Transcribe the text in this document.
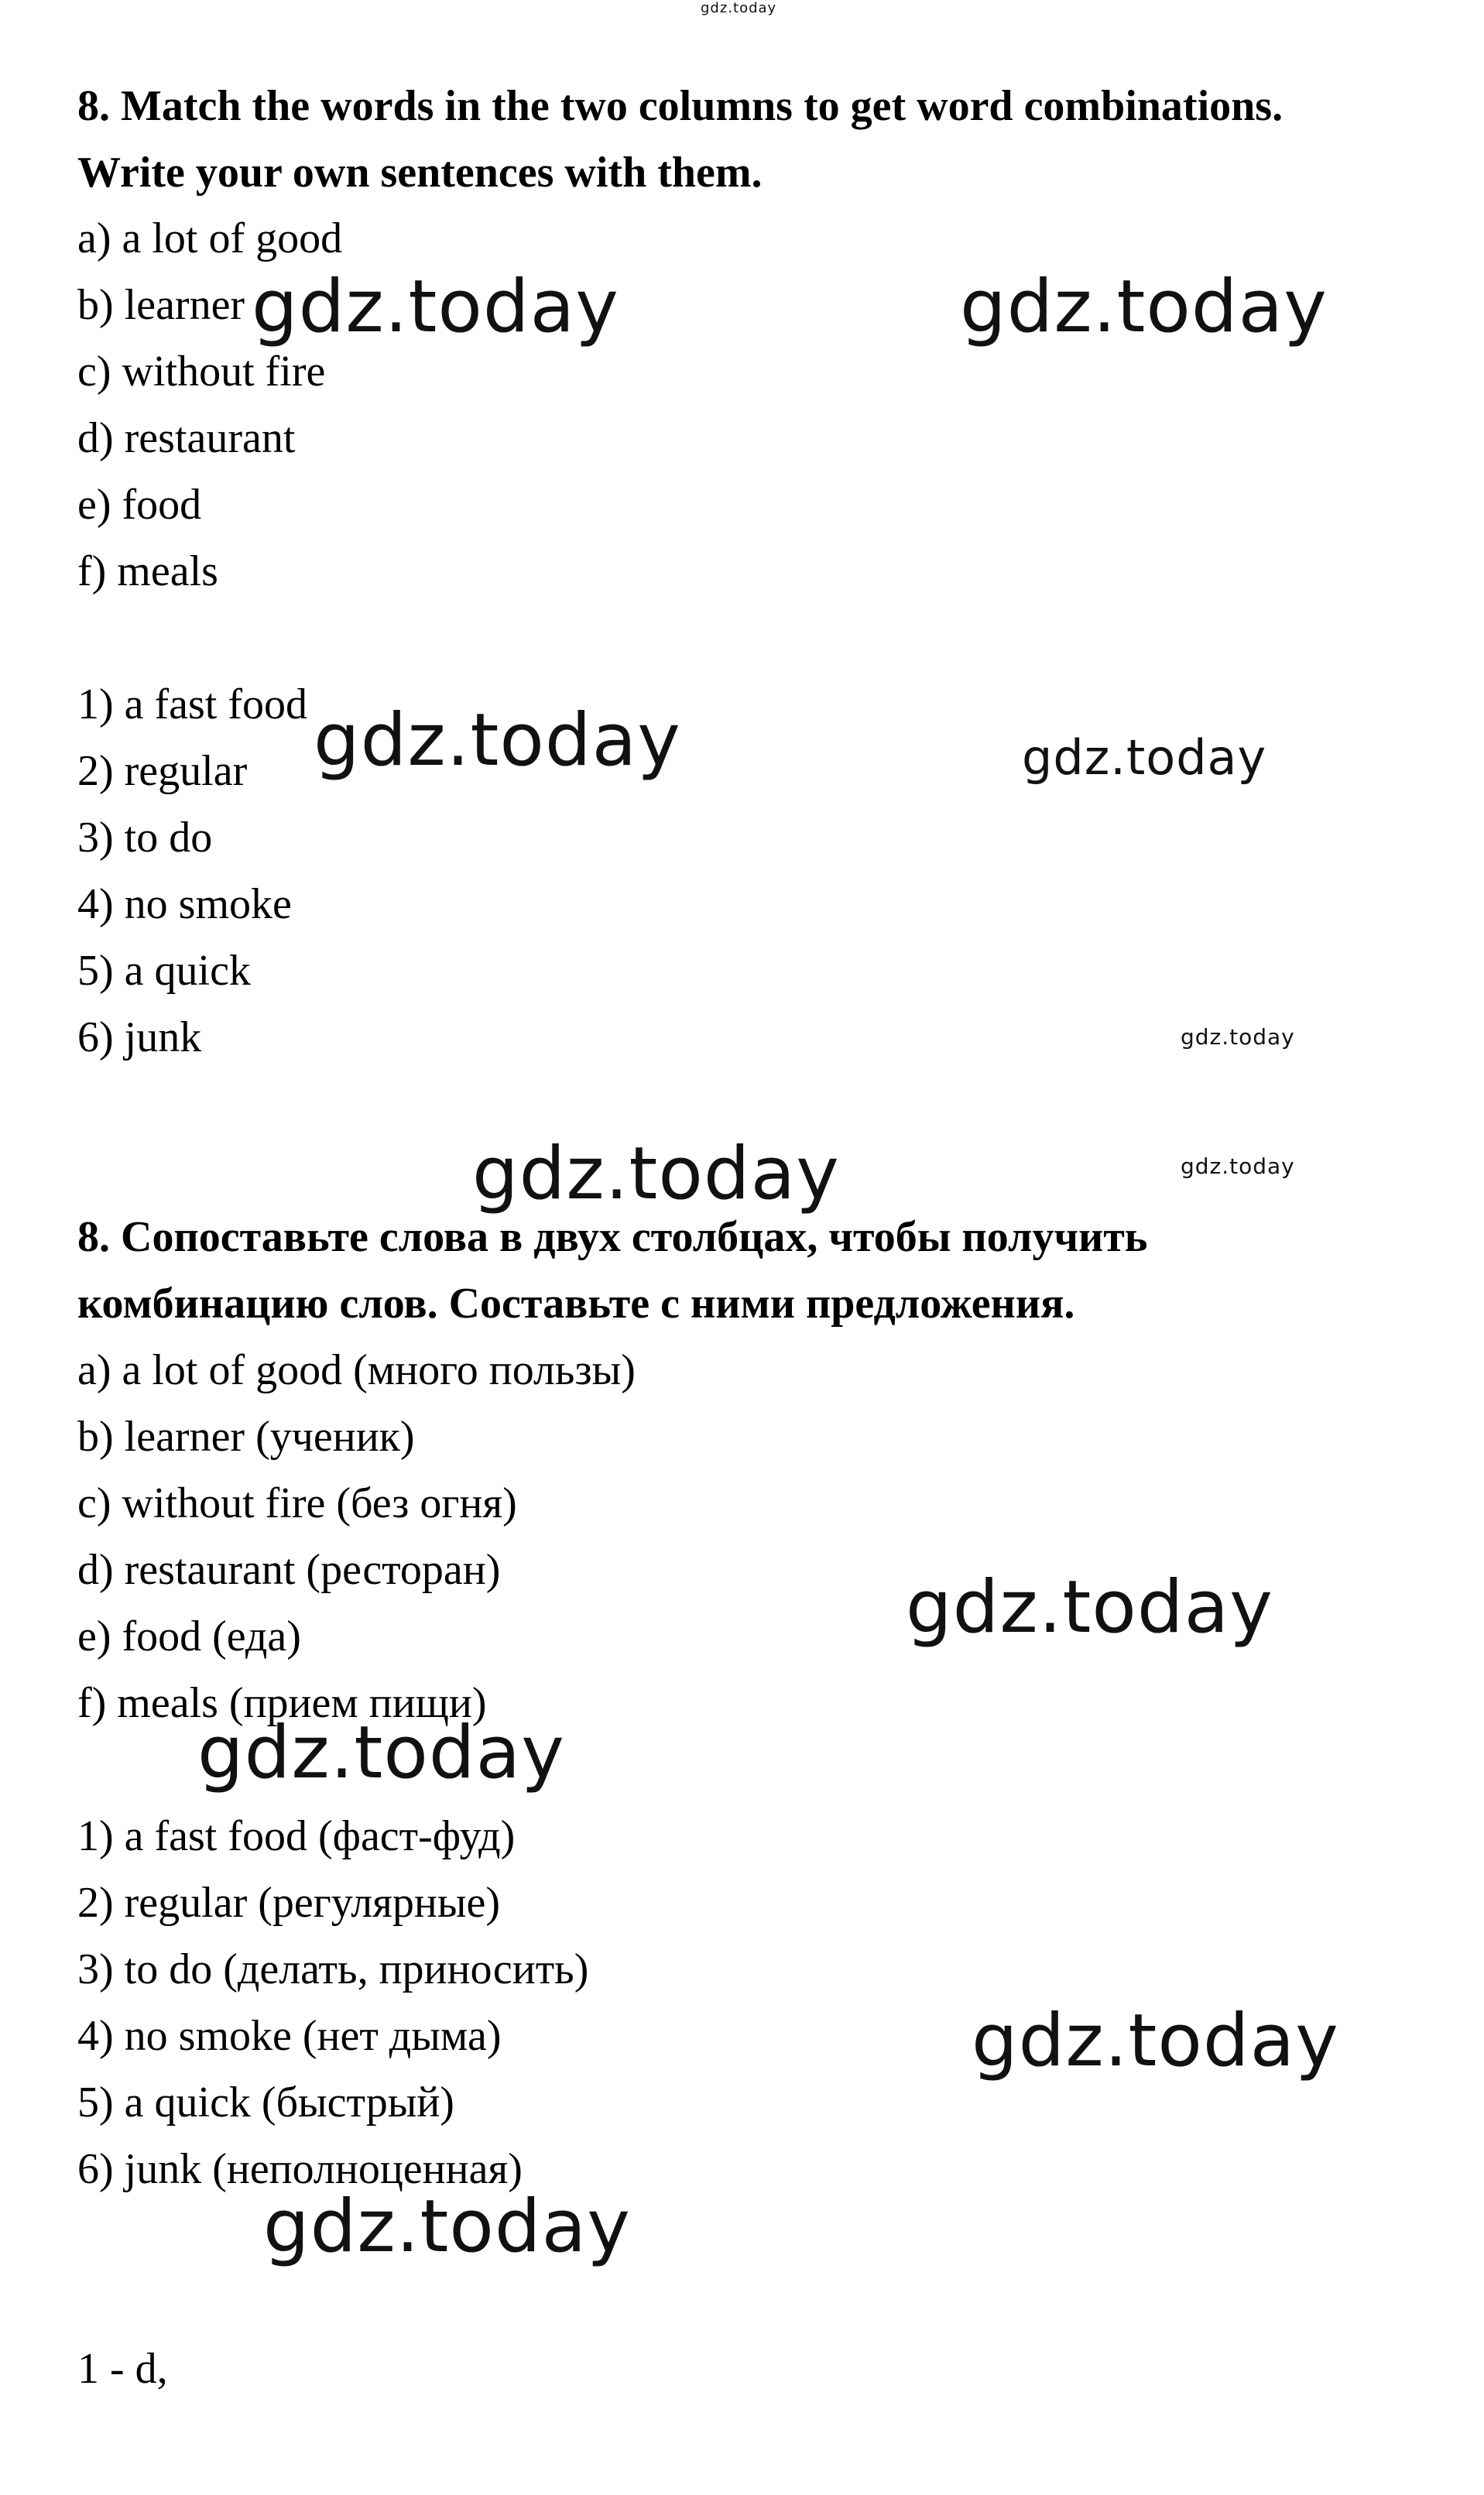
8. Match the words in the two columns to get word combinations.
Write your own sentences with them.
a) a lot of good
b) learner
c) without fire
d) restaurant
e) food
f) meals
1) a fast food
2) regular
3) to do
4) no smoke
5) a quick
6) junk
8. Сопоставьте слова в двух столбцах, чтобы получить
комбинацию слов. Составьте с ними предложения.
a) a lot of good (много пользы)
b) learner (ученик)
c) without fire (без огня)
d) restaurant (ресторан)
e) food (еда)
f) meals (прием пищи)
1) a fast food (фаст-фуд)
2) regular (регулярные)
3) to do (делать, приносить)
4) no smoke (нет дыма)
5) a quick (быстрый)
6) junk (неполноценная)
1 - d,
gdz.today
gdz.today	gdz.today
gdz.today	gdz.today
gdz.today
gdz.today	gdz.today
gdz.today
gdz.today
gdz.today
gdz.today
